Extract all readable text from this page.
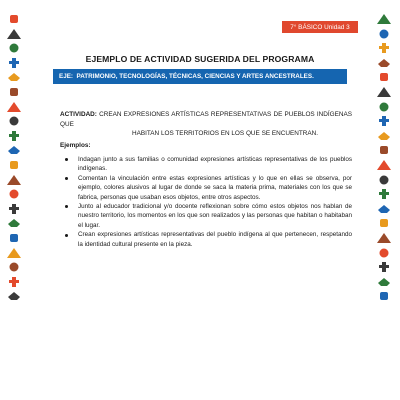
7° BÁSICO Unidad 3
EJEMPLO DE ACTIVIDAD SUGERIDA DEL PROGRAMA
EJE:
PATRIMONIO, TECNOLOGÍAS, TÉCNICAS, CIENCIAS Y ARTES ANCESTRALES.
ACTIVIDAD: CREAN EXPRESIONES ARTÍSTICAS REPRESENTATIVAS DE PUEBLOS INDÍGENAS QUE
HABITAN LOS TERRITORIOS EN LOS QUE SE ENCUENTRAN.
Ejemplos:
Indagan junto a sus familias o comunidad expresiones artísticas representativas de los pueblos indígenas.
Comentan la vinculación entre estas expresiones artísticas y lo que en ellas se observa, por ejemplo, colores alusivos al lugar de donde se saca la materia prima, materiales con los que se fabrica, personas que usaban esos objetos, entre otros aspectos.
Junto al educador tradicional y/o docente reflexionan sobre cómo estos objetos nos hablan de nuestro territorio, los momentos en los que son realizados y las personas que habitan o habitaban el lugar.
Crean expresiones artísticas representativas del pueblo indígena al que pertenecen, respetando la identidad cultural presente en la pieza.
